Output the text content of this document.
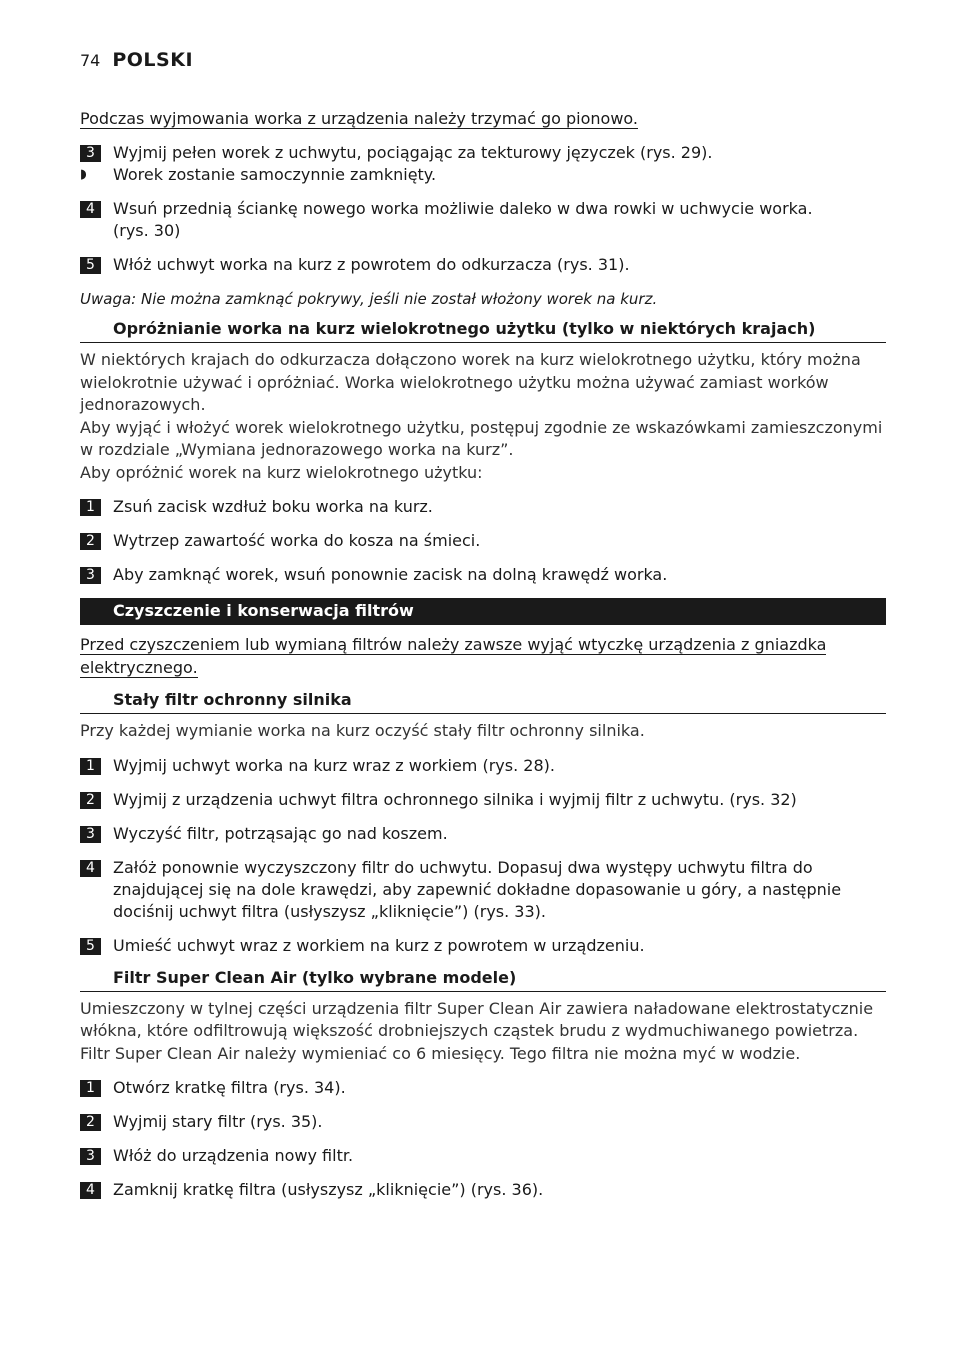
74 POLSKI
Podczas wyjmowania worka z urządzenia należy trzymać go pionowo.
3	Wyjmij pełen worek z uchwytu, pociągając za tekturowy języczek (rys. 29).
◗	Worek zostanie samoczynnie zamknięty.
4	Wsuń przednią ściankę nowego worka możliwie daleko w dwa rowki w uchwycie worka. (rys. 30)
5	Włóż uchwyt worka na kurz z powrotem do odkurzacza (rys. 31).
Uwaga: Nie można zamknąć pokrywy, jeśli nie został włożony worek na kurz.
Opróżnianie worka na kurz wielokrotnego użytku (tylko w niektórych krajach)
W niektórych krajach do odkurzacza dołączono worek na kurz wielokrotnego użytku, który można wielokrotnie używać i opróżniać. Worka wielokrotnego użytku można używać zamiast worków jednorazowych.
Aby wyjąć i włożyć worek wielokrotnego użytku, postępuj zgodnie ze wskazówkami zamieszczonymi w rozdziale „Wymiana jednorazowego worka na kurz”.
Aby opróżnić worek na kurz wielokrotnego użytku:
1	Zsuń zacisk wzdłuż boku worka na kurz.
2	Wytrzep zawartość worka do kosza na śmieci.
3	Aby zamknąć worek, wsuń ponownie zacisk na dolną krawędź worka.
Czyszczenie i konserwacja filtrów
Przed czyszczeniem lub wymianą filtrów należy zawsze wyjąć wtyczkę urządzenia z gniazdka elektrycznego.
Stały filtr ochronny silnika
Przy każdej wymianie worka na kurz oczyść stały filtr ochronny silnika.
1	Wyjmij uchwyt worka na kurz wraz z workiem (rys. 28).
2	Wyjmij z urządzenia uchwyt filtra ochronnego silnika i wyjmij filtr z uchwytu. (rys. 32)
3	Wyczyść filtr, potrząsając go nad koszem.
4	Załóż ponownie wyczyszczony filtr do uchwytu. Dopasuj dwa występy uchwytu filtra do znajdującej się na dole krawędzi, aby zapewnić dokładne dopasowanie u góry, a następnie dociśnij uchwyt filtra (usłyszysz „kliknięcie”) (rys. 33).
5	Umieść uchwyt wraz z workiem na kurz z powrotem w urządzeniu.
Filtr Super Clean Air (tylko wybrane modele)
Umieszczony w tylnej części urządzenia filtr Super Clean Air zawiera naładowane elektrostatycznie włókna, które odfiltrowują większość drobniejszych cząstek brudu z wydmuchiwanego powietrza.
Filtr Super Clean Air należy wymieniać co 6 miesięcy. Tego filtra nie można myć w wodzie.
1	Otwórz kratkę filtra (rys. 34).
2	Wyjmij stary filtr (rys. 35).
3	Włóż do urządzenia nowy filtr.
4	Zamknij kratkę filtra (usłyszysz „kliknięcie”) (rys. 36).
